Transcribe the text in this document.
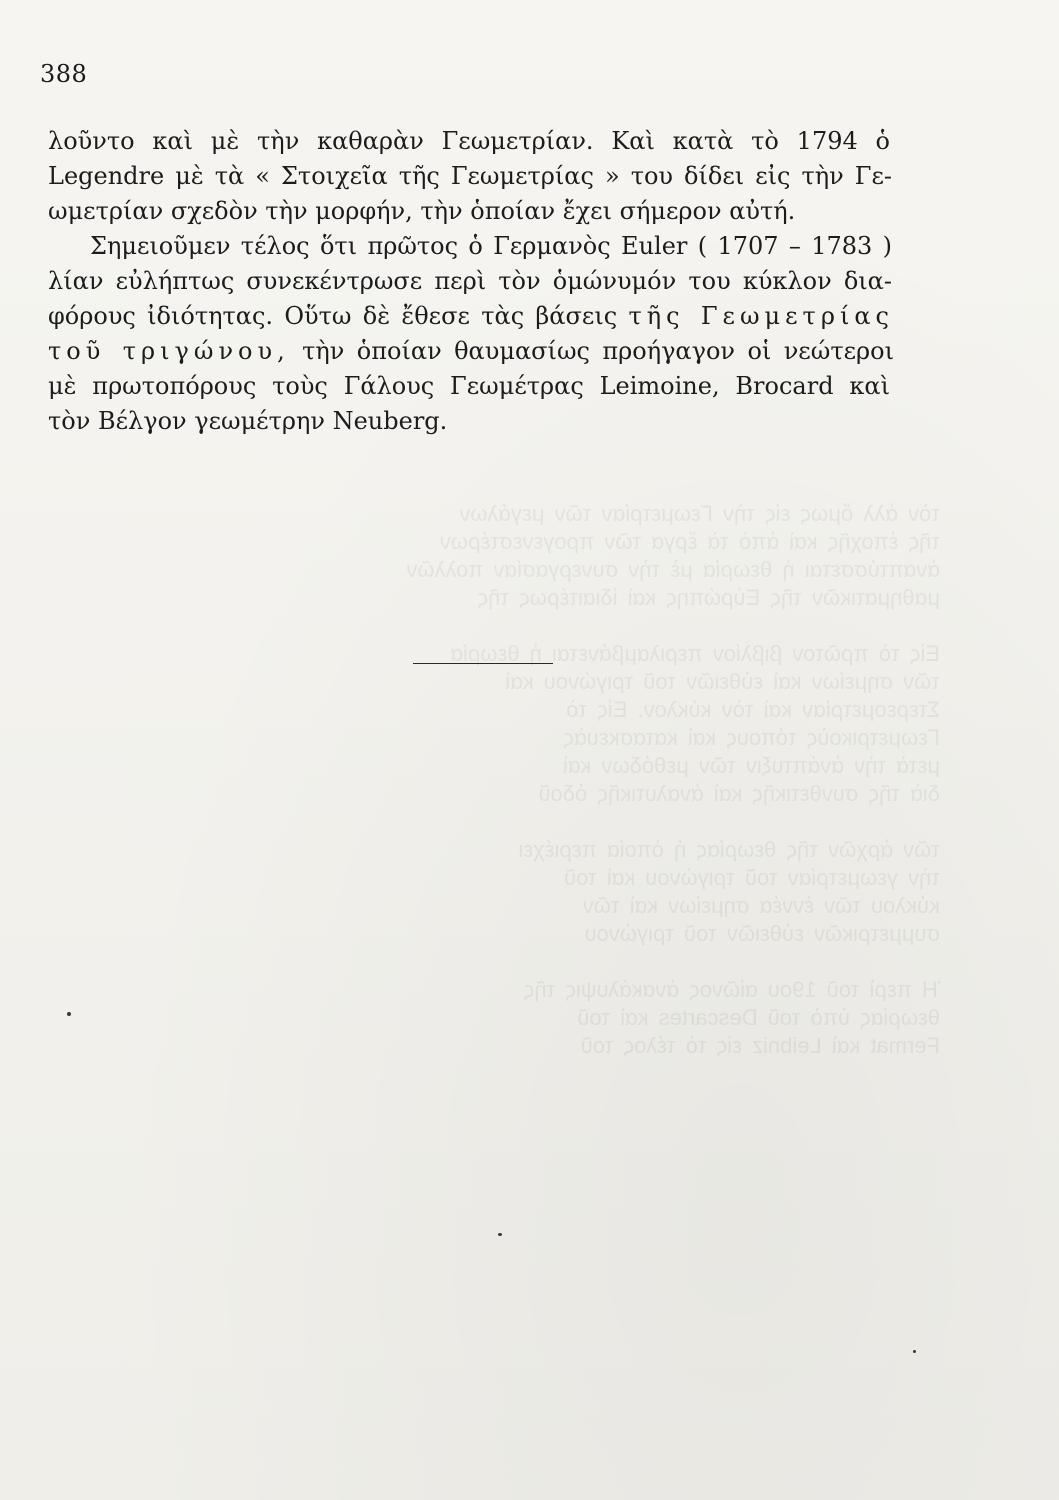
τὸν ἀλλ ὅμως εἰς τὴν Γεωμετρίαν τῶν μεγάλων
τῆς ἐποχῆς καὶ ἀπὸ τὰ ἔργα τῶν προγενεστέρων
ἀναπτύσσεται ἡ θεωρία μὲ τὴν συνεργασίαν πολλῶν
μαθηματικῶν τῆς Εὐρώπης καὶ ἰδιαιτέρως τῆς

Εἰς τὸ πρῶτον βιβλίον περιλαμβάνεται ἡ θεωρία
τῶν σημείων καὶ εὐθειῶν τοῦ τριγώνου καὶ
Στερεομετρίαν καὶ τὸν κύκλον. Εἰς τὸ
Γεωμετρικοὺς τόπους καὶ κατασκευὰς
μετὰ τὴν ἀνάπτυξιν τῶν μεθόδων καὶ
διὰ τῆς συνθετικῆς καὶ ἀναλυτικῆς ὁδοῦ

τῶν ἀρχῶν τῆς θεωρίας ἡ ὁποία περιέχει
τὴν γεωμετρίαν τοῦ τριγώνου καὶ τοῦ
κύκλου τῶν ἐννέα σημείων καὶ τῶν
συμμετρικῶν εὐθειῶν τοῦ τριγώνου

Ἡ περὶ τοῦ 19ου αἰῶνος ἀνακάλυψις τῆς
θεωρίας ὑπὸ τοῦ Descartes καὶ τοῦ
Fermat καὶ Leibniz εἰς τὸ τέλος τοῦ
388
λοῦντο καὶ μὲ τὴν καθαρὰν Γεωμετρίαν. Καὶ κατὰ τὸ 1794 ὁ
Legendre μὲ τὰ « Στοιχεῖα τῆς Γεωμετρίας » του δίδει εἰς τὴν Γε-
ωμετρίαν σχεδὸν τὴν μορφήν, τὴν ὁποίαν ἔχει σήμερον αὐτή.
Σημειοῦμεν τέλος ὅτι πρῶτος ὁ Γερμανὸς Euler ( 1707 – 1783 )
λίαν εὐλήπτως συνεκέντρωσε περὶ τὸν ὁμώνυμόν του κύκλον δια-
φόρους ἰδιότητας. Οὕτω δὲ ἔθεσε τὰς βάσεις τῆς Γεωμετρίας
τοῦ τριγώνου, τὴν ὁποίαν θαυμασίως προήγαγον οἱ νεώτεροι
μὲ πρωτοπόρους τοὺς Γάλους Γεωμέτρας Leimoine, Brocard καὶ
τὸν Βέλγον γεωμέτρην Neuberg.
